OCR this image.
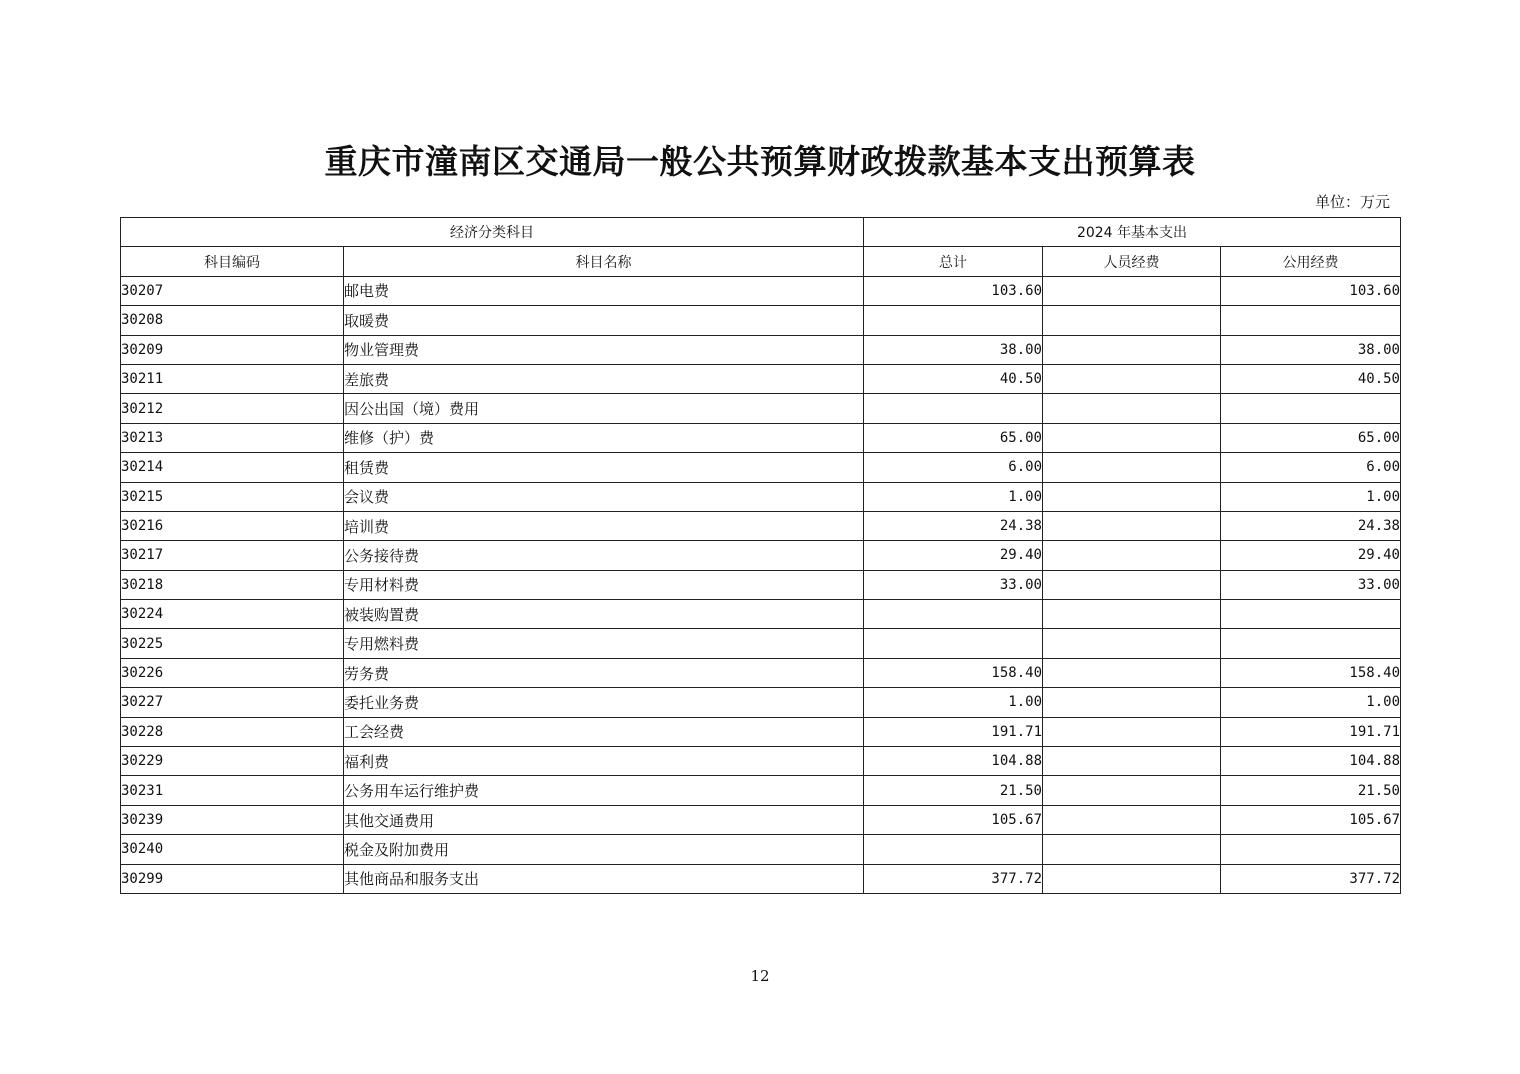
重庆市潼南区交通局一般公共预算财政拨款基本支出预算表
单位：万元
经济分类科目		2024 年基本支出		
科目编码	科目名称	总计	人员经费	公用经费
30207	邮电费	103.60		103.60
30208	取暖费			
30209	物业管理费	38.00		38.00
30211	差旅费	40.50		40.50
30212	因公出国（境）费用			
30213	维修（护）费	65.00		65.00
30214	租赁费	6.00		6.00
30215	会议费	1.00		1.00
30216	培训费	24.38		24.38
30217	公务接待费	29.40		29.40
30218	专用材料费	33.00		33.00
30224	被装购置费			
30225	专用燃料费			
30226	劳务费	158.40		158.40
30227	委托业务费	1.00		1.00
30228	工会经费	191.71		191.71
30229	福利费	104.88		104.88
30231	公务用车运行维护费	21.50		21.50
30239	其他交通费用	105.67		105.67
30240	税金及附加费用			
30299	其他商品和服务支出	377.72		377.72
12
